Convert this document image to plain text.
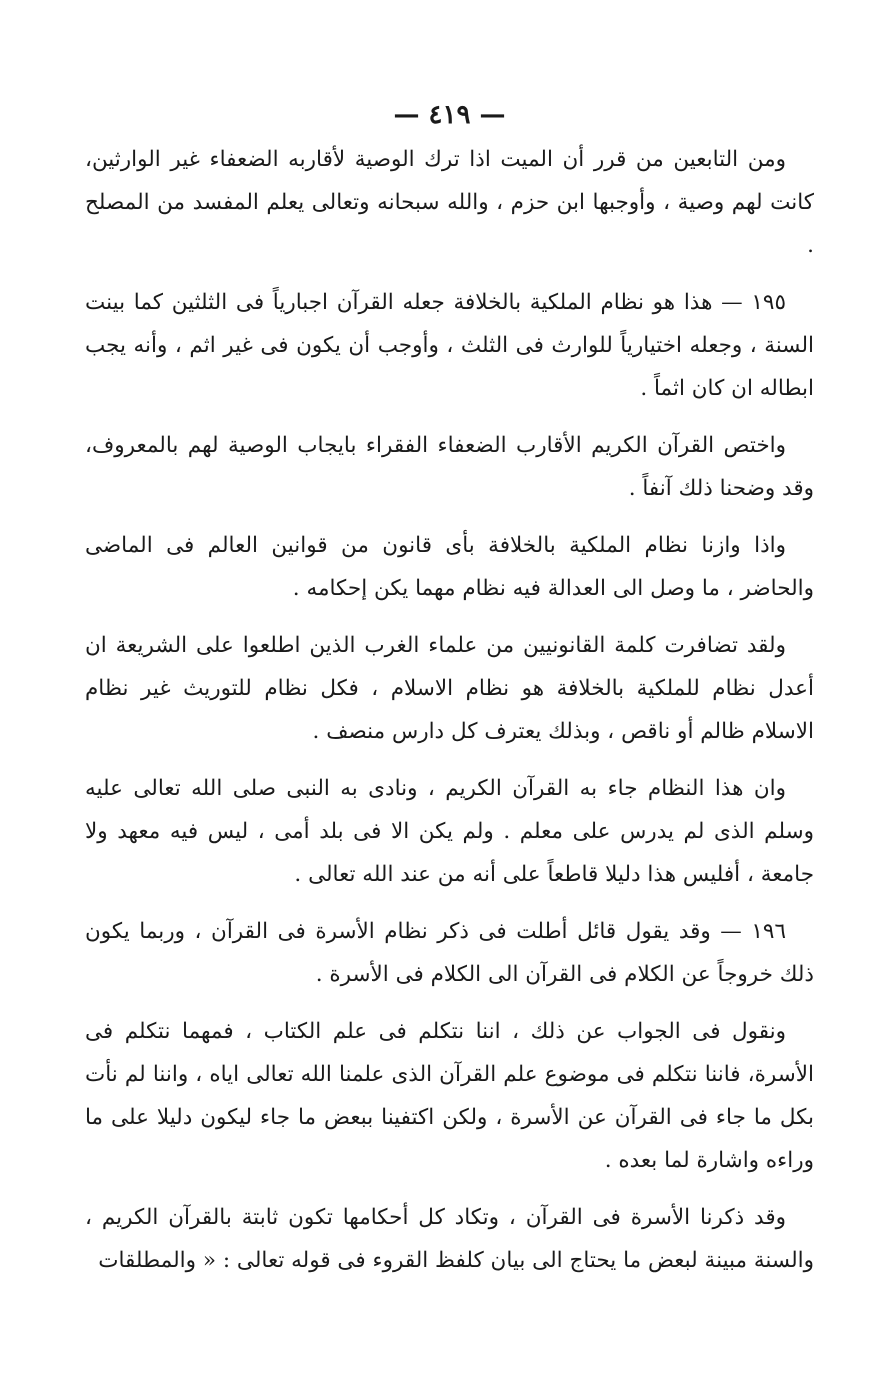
— ٤١٩ —

ومن التابعين من قرر أن الميت اذا ترك الوصية لأقاربه الضعفاء غير الوارثين، كانت لهم وصية ، وأوجبها ابن حزم ، والله سبحانه وتعالى يعلم المفسد من المصلح .

١٩٥ — هذا هو نظام الملكية بالخلافة جعله القرآن اجبارياً فى الثلثين كما بينت السنة ، وجعله اختيارياً للوارث فى الثلث ، وأوجب أن يكون فى غير اثم ، وأنه يجب ابطاله ان كان اثماً .

واختص القرآن الكريم الأقارب الضعفاء الفقراء بايجاب الوصية لهم بالمعروف، وقد وضحنا ذلك آنفاً .

واذا وازنا نظام الملكية بالخلافة بأى قانون من قوانين العالم فى الماضى والحاضر ، ما وصل الى العدالة فيه نظام مهما يكن إحكامه .

ولقد تضافرت كلمة القانونيين من علماء الغرب الذين اطلعوا على الشريعة ان أعدل نظام للملكية بالخلافة هو نظام الاسلام ، فكل نظام للتوريث غير نظام الاسلام ظالم أو ناقص ، وبذلك يعترف كل دارس منصف .

وان هذا النظام جاء به القرآن الكريم ، ونادى به النبى صلى الله تعالى عليه وسلم الذى لم يدرس على معلم . ولم يكن الا فى بلد أمى ، ليس فيه معهد ولا جامعة ، أفليس هذا دليلا قاطعاً على أنه من عند الله تعالى .

١٩٦ — وقد يقول قائل أطلت فى ذكر نظام الأسرة فى القرآن ، وربما يكون ذلك خروجاً عن الكلام فى القرآن الى الكلام فى الأسرة .

ونقول فى الجواب عن ذلك ، اننا نتكلم فى علم الكتاب ، فمهما نتكلم فى الأسرة، فاننا نتكلم فى موضوع علم القرآن الذى علمنا الله تعالى اياه ، واننا لم نأت بكل ما جاء فى القرآن عن الأسرة ، ولكن اكتفينا ببعض ما جاء ليكون دليلا على ما وراءه واشارة لما بعده .

وقد ذكرنا الأسرة فى القرآن ، وتكاد كل أحكامها تكون ثابتة بالقرآن الكريم ، والسنة مبينة لبعض ما يحتاج الى بيان كلفظ القروء فى قوله تعالى : « والمطلقات
